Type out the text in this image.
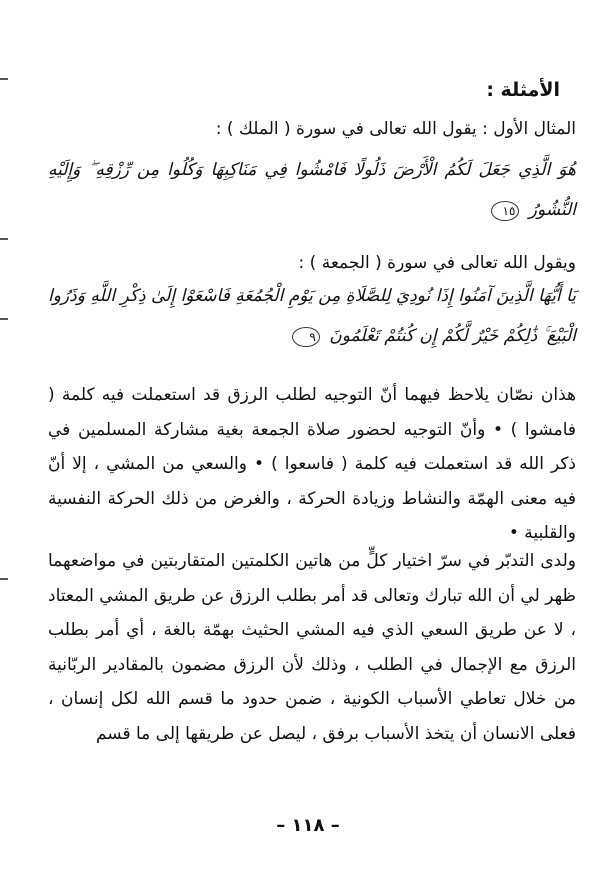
الأمثلة :
المثال الأول : يقول الله تعالى في سورة ( الملك ) :
هُوَ الَّذِي جَعَلَ لَكُمُ الْأَرْضَ ذَلُولًا فَامْشُوا فِي مَنَاكِبِهَا وَكُلُوا مِن رِّزْقِهِ ۖ وَإِلَيْهِ النُّشُورُ ١٥
ويقول الله تعالى في سورة ( الجمعة ) :
يَا أَيُّهَا الَّذِينَ آمَنُوا إِذَا نُودِيَ لِلصَّلَاةِ مِن يَوْمِ الْجُمُعَةِ فَاسْعَوْا إِلَىٰ ذِكْرِ اللَّهِ وَذَرُوا الْبَيْعَ ۚ ذَٰلِكُمْ خَيْرٌ لَّكُمْ إِن كُنتُمْ تَعْلَمُونَ ٩
هذان نصّان يلاحظ فيهما أنّ التوجيه لطلب الرزق قد استعملت فيه كلمة ( فامشوا ) • وأنّ التوجيه لحضور صلاة الجمعة بغية مشاركة المسلمين في ذكر الله قد استعملت فيه كلمة ( فاسعوا ) • والسعي من المشي ، إلا أنّ فيه معنى الهمّة والنشاط وزيادة الحركة ، والغرض من ذلك الحركة النفسية والقلبية •
ولدى التدبّر في سرّ اختيار كلٍّ من هاتين الكلمتين المتقاربتين في مواضعهما ظهر لي أن الله تبارك وتعالى قد أمر بطلب الرزق عن طريق المشي المعتاد ، لا عن طريق السعي الذي فيه المشي الحثيث بهمّة بالغة ، أي أمر بطلب الرزق مع الإجمال في الطلب ، وذلك لأن الرزق مضمون بالمقادير الربّانية من خلال تعاطي الأسباب الكونية ، ضمن حدود ما قسم الله لكل إنسان ، فعلى الانسان أن يتخذ الأسباب برفق ، ليصل عن طريقها إلى ما قسم
– ١١٨ –
